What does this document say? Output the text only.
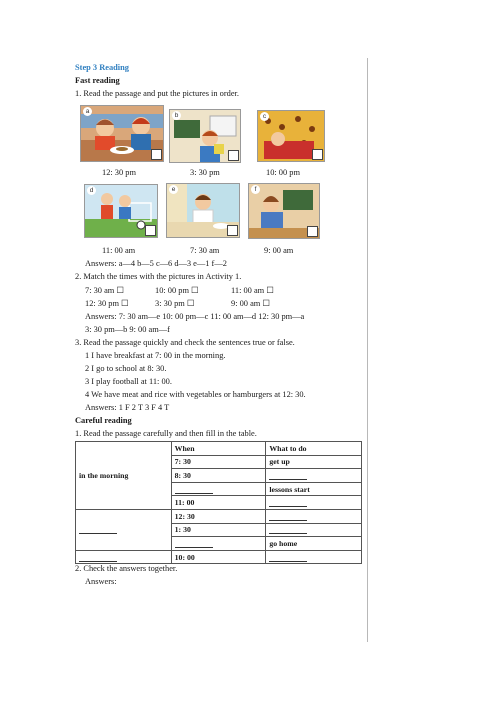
Step 3 Reading
Fast reading
1. Read the passage and put the pictures in order.
a
b	c
12: 30 pm	3: 30 pm	10: 00 pm
d	e	f
11: 00 am	7: 30 am	9: 00 am
Answers: a—4 b—5 c—6 d—3 e—1 f—2
2. Match the times with the pictures in Activity 1.
7: 30 am ☐	10: 00 pm ☐	11: 00 am ☐
12: 30 pm ☐	3: 30 pm ☐	9: 00 am ☐
Answers: 7: 30 am—e 10: 00 pm—c 11: 00 am—d 12: 30 pm—a
3: 30 pm—b 9: 00 am—f
3. Read the passage quickly and check the sentences true or false.
1 I have breakfast at 7: 00 in the morning.
2 I go to school at 8: 30.
3 I play football at 11: 00.
4 We have meat and rice with vegetables or hamburgers at 12: 30.
Answers: 1 F 2 T 3 F 4 T
Careful reading
1. Read the passage carefully and then fill in the table.
in the morning	When	What to do
	7: 30	get up
	8: 30	
		lessons start
	11: 00	
	12: 30	
	1: 30	
		go home
	10: 00	
2. Check the answers together.
Answers:
